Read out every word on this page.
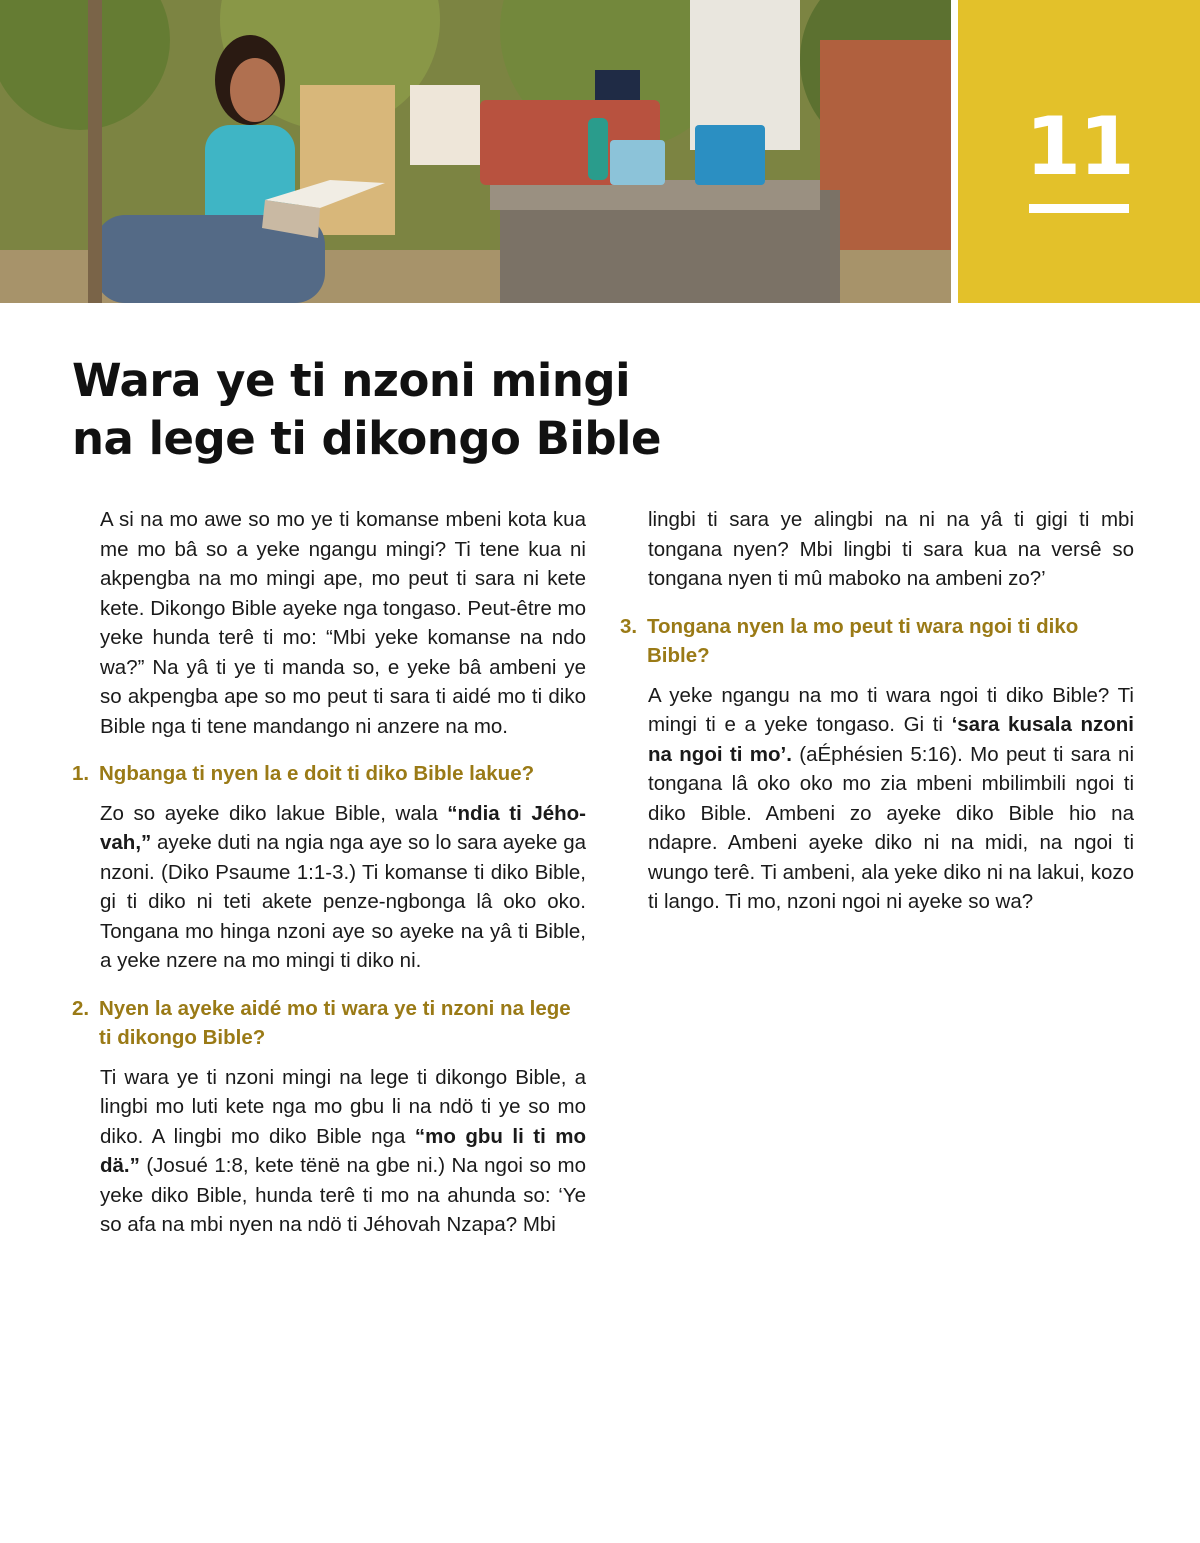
11
Wara ye ti nzoni mingi
na lege ti dikongo Bible

A si na mo awe so mo ye ti komanse mbeni kota kua me mo bâ so a yeke ngangu mingi? Ti tene kua ni akpengba na mo mingi ape, mo peut ti sara ni kete kete. Dikongo Bible ayeke nga tongaso. Peut-être mo yeke hunda terê ti mo: “Mbi yeke komanse na ndo wa?” Na yâ ti ye ti manda so, e yeke bâ ambeni ye so akpengba ape so mo peut ti sara ti aidé mo ti diko Bible nga ti tene mandango ni anzere na mo.

1. Ngbanga ti nyen la e doit ti diko Bible lakue?

Zo so ayeke diko lakue Bible, wala “ndia ti Jéhovah,” ayeke duti na ngia nga aye so lo sara ayeke ga nzoni. (Diko Psaume 1:1-3.) Ti komanse ti diko Bible, gi ti diko ni teti akete penze-ngbonga lâ oko oko. Tongana mo hinga nzoni aye so ayeke na yâ ti Bible, a yeke nzere na mo mingi ti diko ni.

2. Nyen la ayeke aidé mo ti wara ye ti nzoni na lege ti dikongo Bible?

Ti wara ye ti nzoni mingi na lege ti dikongo Bible, a lingbi mo luti kete nga mo gbu li na ndö ti ye so mo diko. A lingbi mo diko Bible nga “mo gbu li ti mo dä.” (Josué 1:8, kete tënë na gbe ni.) Na ngoi so mo yeke diko Bible, hunda terê ti mo na ahunda so: ‘Ye so afa na mbi nyen na ndö ti Jéhovah Nzapa? Mbi

lingbi ti sara ye alingbi na ni na yâ ti gigi ti mbi tongana nyen? Mbi lingbi ti sara kua na versê so tongana nyen ti mû maboko na ambeni zo?’

3. Tongana nyen la mo peut ti wara ngoi ti diko Bible?

A yeke ngangu na mo ti wara ngoi ti diko Bible? Ti mingi ti e a yeke tongaso. Gi ti ‘sara kusala nzoni na ngoi ti mo’. (aÉphésien 5:16). Mo peut ti sara ni tongana lâ oko oko mo zia mbeni mbilimbili ngoi ti diko Bible. Ambeni zo ayeke diko Bible hio na ndapre. Ambeni ayeke diko ni na midi, na ngoi ti wungo terê. Ti ambeni, ala yeke diko ni na lakui, kozo ti lango. Ti mo, nzoni ngoi ni ayeke so wa?
